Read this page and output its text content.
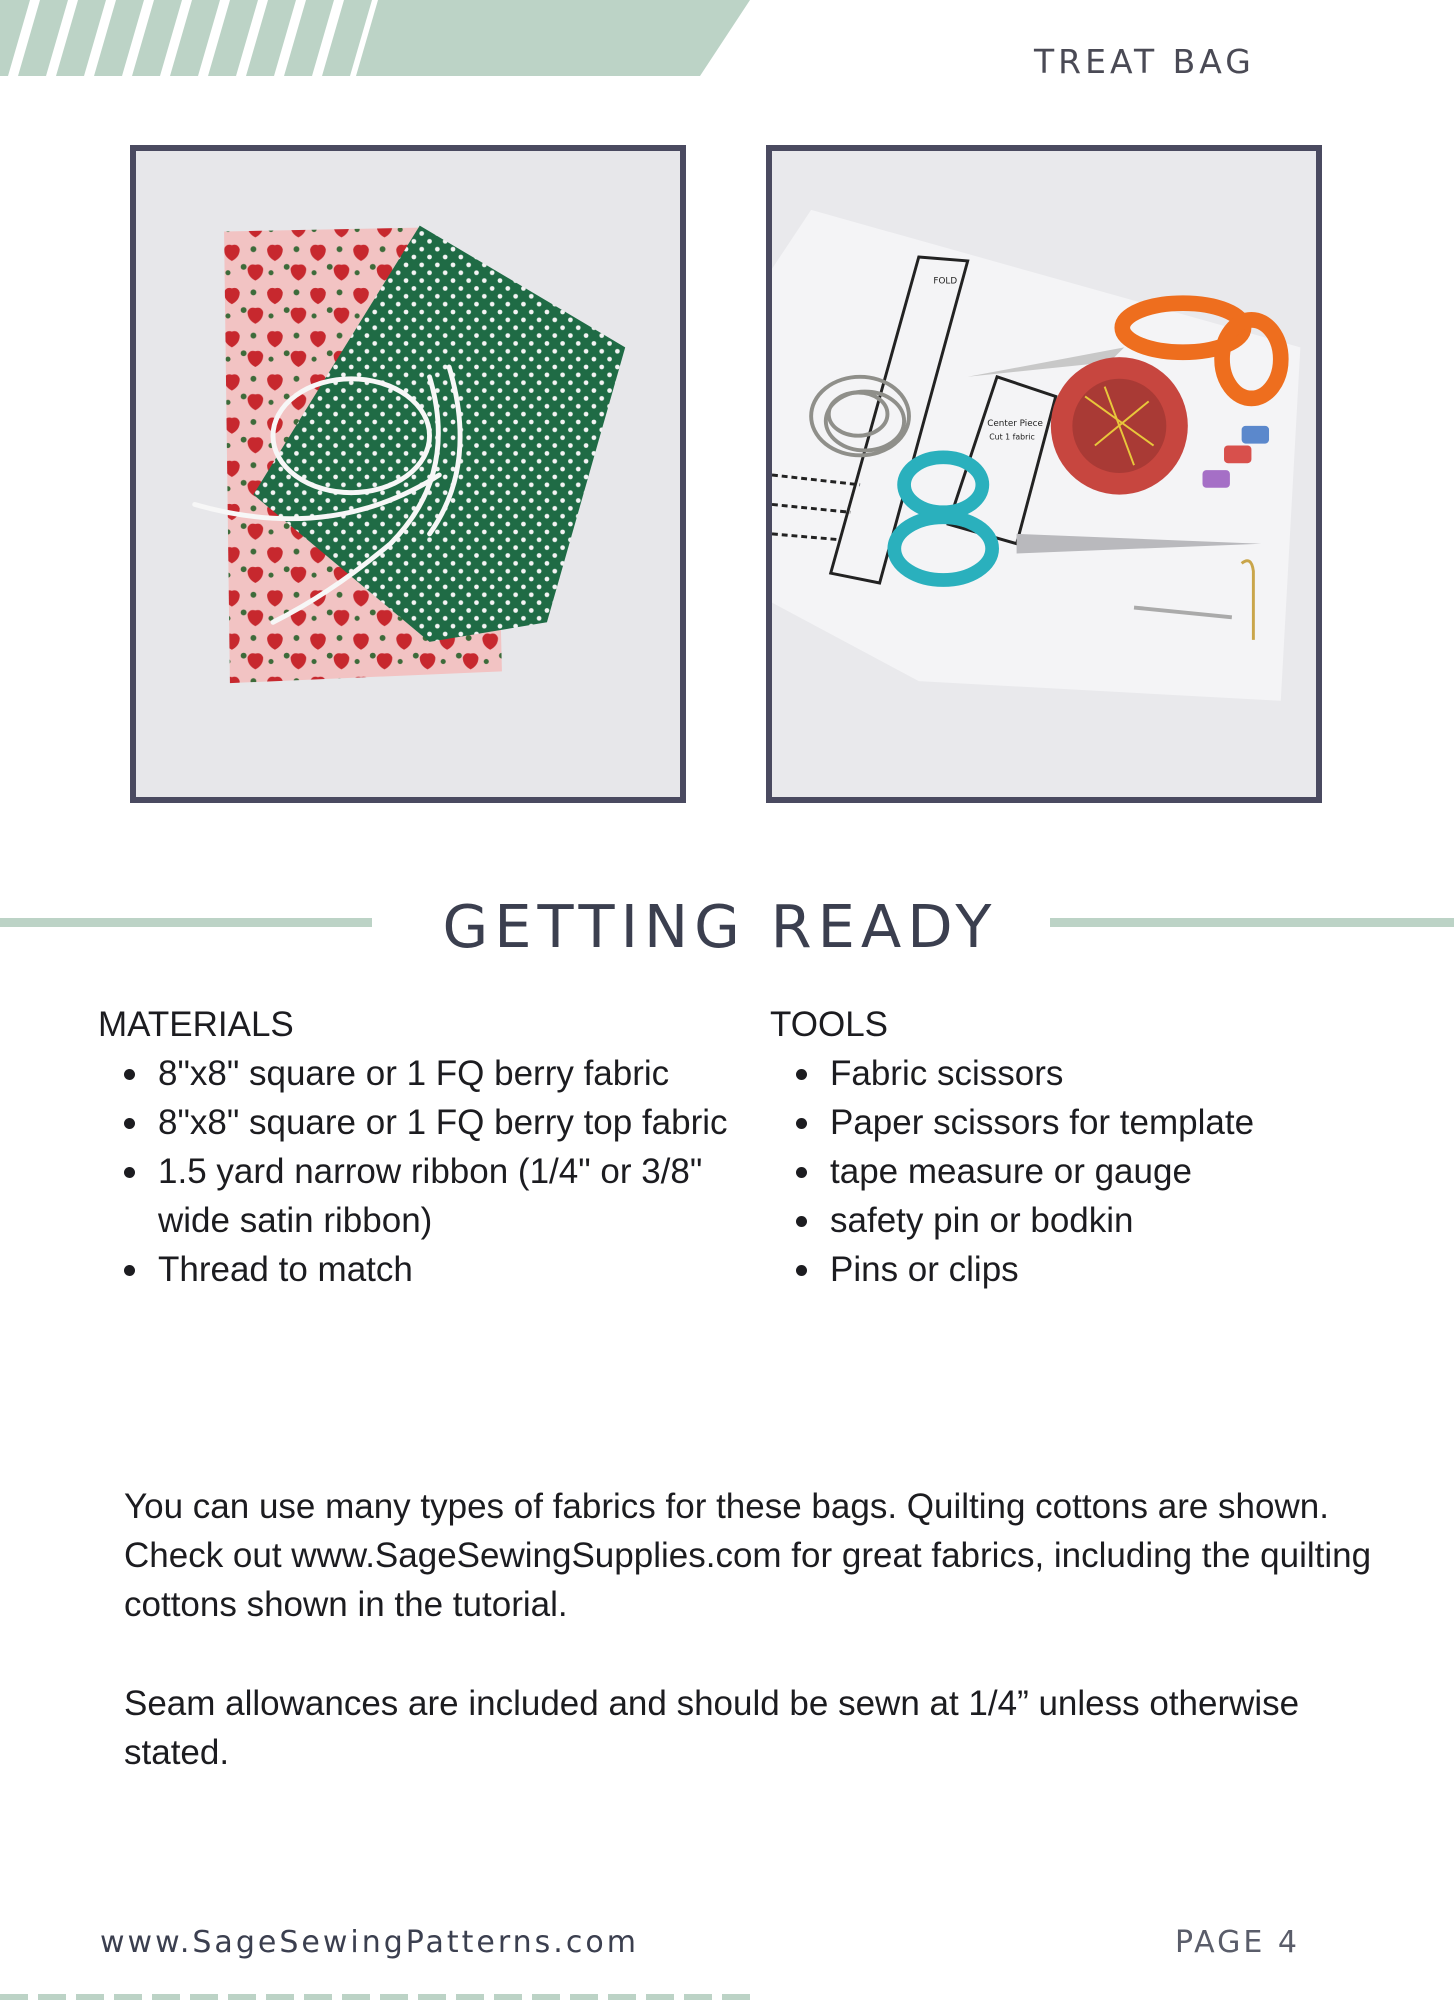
TREAT BAG
FOLD
Center Piece
Cut 1 fabric
GETTING READY
MATERIALS
8"x8" square or 1 FQ berry fabric
8"x8" square or 1 FQ berry top fabric
1.5 yard narrow ribbon (1/4" or 3/8" wide satin ribbon)
Thread to match
TOOLS
Fabric scissors
Paper scissors for template
tape measure or gauge
safety pin or bodkin
Pins or clips

You can use many types of fabrics for these bags. Quilting cottons are shown. Check out www.SageSewingSupplies.com for great fabrics, including the quilting cottons shown in the tutorial.

Seam allowances are included and should be sewn at 1/4” unless otherwise stated.

www.SageSewingPatterns.com	PAGE 4
